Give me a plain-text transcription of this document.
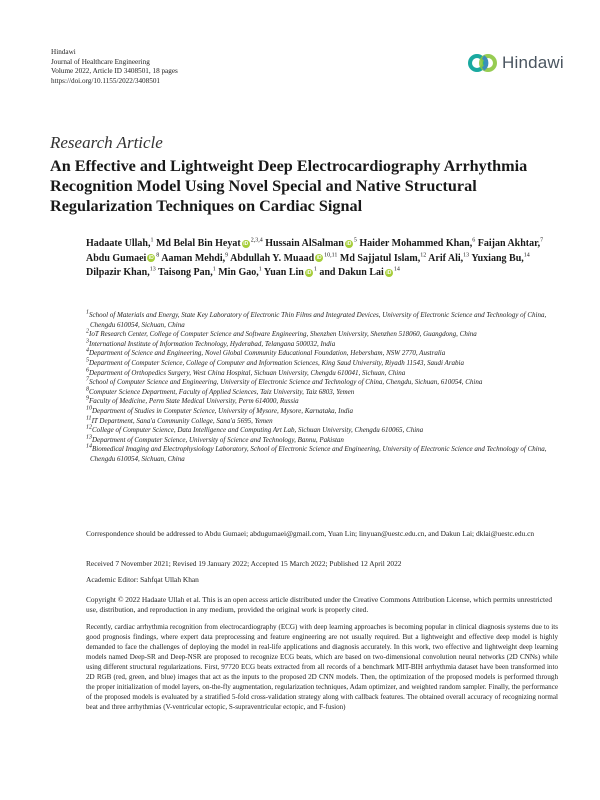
Hindawi
Journal of Healthcare Engineering
Volume 2022, Article ID 3408501, 18 pages
https://doi.org/10.1155/2022/3408501
Hindawi
Research Article
An Effective and Lightweight Deep Electrocardiography Arrhythmia Recognition Model Using Novel Special and Native Structural Regularization Techniques on Cardiac Signal
Hadaate Ullah,$^1$ Md Belal Bin Heyat iD$^{2,3,4}$ Hussain AlSalman $iD^5$ Haider Mohammed Khan,$^6$ Faijan Akhtar,$^7$ Abdu Gumaei $iD^8$ Aaman Mehdi,$^9$ Abdullah Y. Muaad iD$^{10,11}$ Md Sajjatul Islam,$^{12}$ Arif Ali,$^{13}$ Yuxiang Bu,$^{14}$ Dilpazir Khan,$^{13}$ Taisong Pan,$^1$ Min Gao,$^1$ Yuan Lin $iD^1$ and Dakun Lai $iD^{14}$
$^1$School of Materials and Energy, State Key Laboratory of Electronic Thin Films and Integrated Devices, University of Electronic Science and Technology of China, Chengdu 610054, Sichuan, China
$^2$IoT Research Center, College of Computer Science and Software Engineering, Shenzhen University, Shenzhen 518060, Guangdong, China
$^3$International Institute of Information Technology, Hyderabad, Telangana 500032, India
$^4$Department of Science and Engineering, Novel Global Community Educational Foundation, Hebersham, NSW 2770, Australia
$^5$Department of Computer Science, College of Computer and Information Sciences, King Saud University, Riyadh 11543, Saudi Arabia
$^6$Department of Orthopedics Surgery, West China Hospital, Sichuan University, Chengdu 610041, Sichuan, China
$^7$School of Computer Science and Engineering, University of Electronic Science and Technology of China, Chengdu, Sichuan, 610054, China
$^8$Computer Science Department, Faculty of Applied Sciences, Taiz University, Taiz 6803, Yemen
$^9$Faculty of Medicine, Perm State Medical University, Perm 614000, Russia
$^{10}$Department of Studies in Computer Science, University of Mysore, Mysore, Karnataka, India
$^{11}$IT Department, Sana'a Community College, Sana'a 5695, Yemen
$^{12}$College of Computer Science, Data Intelligence and Computing Art Lab, Sichuan University, Chengdu 610065, China
$^{13}$Department of Computer Science, University of Science and Technology, Bannu, Pakistan
$^{14}$Biomedical Imaging and Electrophysiology Laboratory, School of Electronic Science and Engineering, University of Electronic Science and Technology of China, Chengdu 610054, Sichuan, China
Correspondence should be addressed to Abdu Gumaei; abdugumaei@gmail.com, Yuan Lin; linyuan@uestc.edu.cn, and Dakun Lai; dklai@uestc.edu.cn
Received 7 November 2021; Revised 19 January 2022; Accepted 15 March 2022; Published 12 April 2022
Academic Editor: Sahfqat Ullah Khan
Copyright © 2022 Hadaate Ullah et al. This is an open access article distributed under the Creative Commons Attribution License, which permits unrestricted use, distribution, and reproduction in any medium, provided the original work is properly cited.
Recently, cardiac arrhythmia recognition from electrocardiography (ECG) with deep learning approaches is becoming popular in clinical diagnosis systems due to its good prognosis findings, where expert data preprocessing and feature engineering are not usually required. But a lightweight and effective deep model is highly demanded to face the challenges of deploying the model in real-life applications and diagnosis accurately. In this work, two effective and lightweight deep learning models named Deep-SR and Deep-NSR are proposed to recognize ECG beats, which are based on two-dimensional convolution neural networks (2D CNNs) while using different structural regularizations. First, 97720 ECG beats extracted from all records of a benchmark MIT-BIH arrhythmia dataset have been transformed into 2D RGB (red, green, and blue) images that act as the inputs to the proposed 2D CNN models. Then, the optimization of the proposed models is performed through the proper initialization of model layers, on-the-fly augmentation, regularization techniques, Adam optimizer, and weighted random sampler. Finally, the performance of the proposed models is evaluated by a stratified 5-fold cross-validation strategy along with callback features. The obtained overall accuracy of recognizing normal beat and three arrhythmias (V-ventricular ectopic, S-supraventricular ectopic, and F-fusion)
